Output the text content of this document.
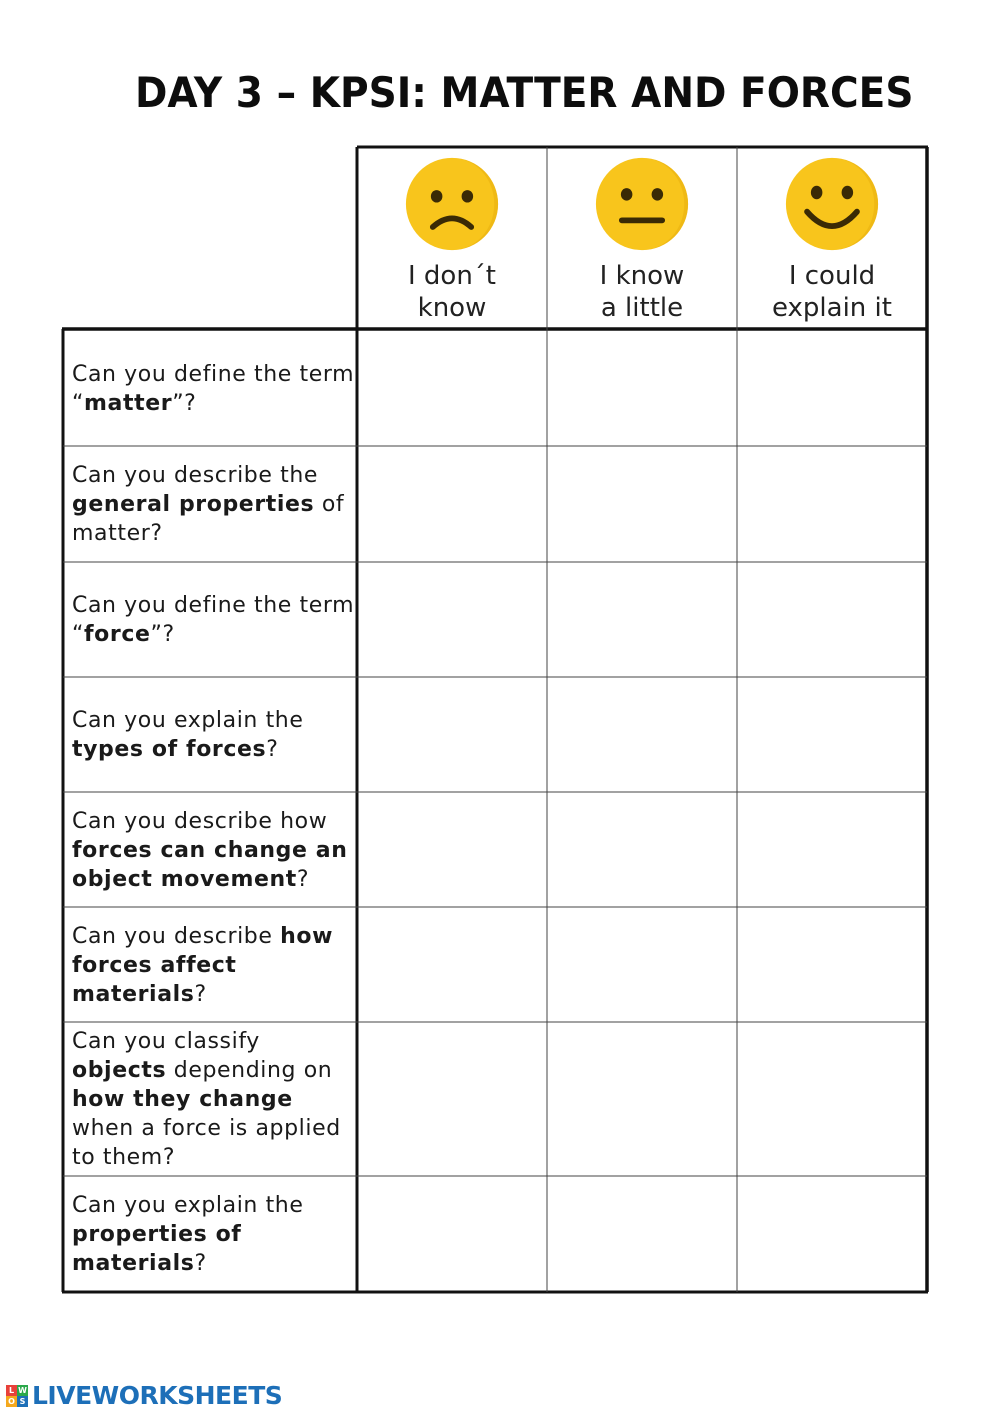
DAY 3 – KPSI: MATTER AND FORCES
I don´t
know
I know
a little
I could
explain it
Can you define the term “matter”?
Can you describe the general properties of matter?
Can you define the term “force”?
Can you explain the types of forces?
Can you describe how forces can change an object movement?
Can you describe how forces affect materials?
Can you classify objects depending on how they change when a force is applied to them?
Can you explain the properties of materials?
L W
O S LIVEWORKSHEETS
